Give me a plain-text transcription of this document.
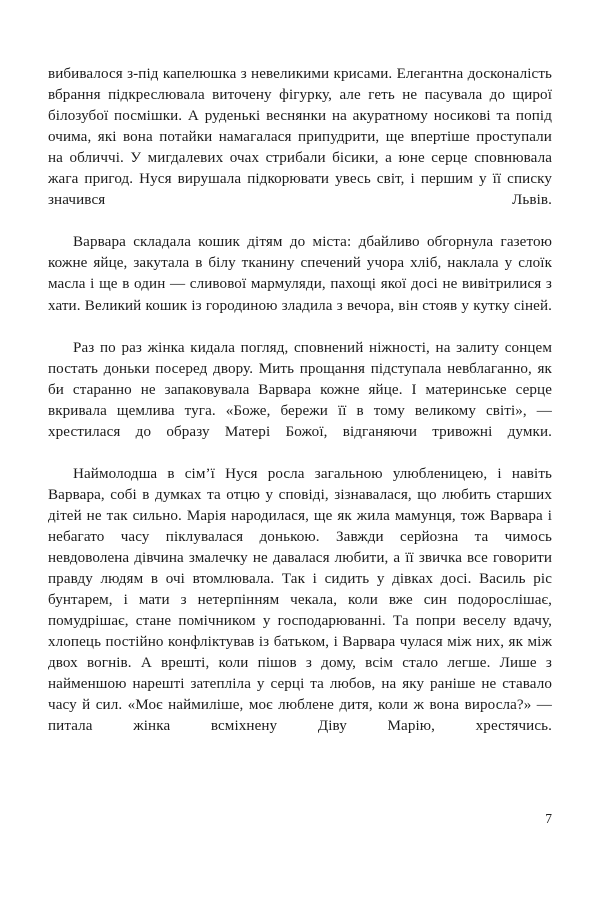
вибивалося з-під капелюшка з невеликими крисами. Елегантна досконалість вбрання підкреслювала виточену фігурку, але геть не пасувала до щирої білозубої посмішки. А руденькі веснянки на акуратному носикові та попід очима, які вона потайки намагалася припудрити, ще впертіше проступали на обличчі. У мигдалевих очах стрибали бісики, а юне серце сповнювала жага пригод. Нуся вирушала підкорювати увесь світ, і першим у її списку значився Львів.

Варвара складала кошик дітям до міста: дбайливо обгорнула газетою кожне яйце, закутала в білу тканину спечений учора хліб, наклала у слоїк масла і ще в один — сливової мармуляди, пахощі якої досі не вивітрилися з хати. Великий кошик із городиною зладила з вечора, він стояв у кутку сіней.

Раз по раз жінка кидала погляд, сповнений ніжності, на залиту сонцем постать доньки посеред двору. Мить прощання підступала невблаганно, як би старанно не запаковувала Варвара кожне яйце. І материнське серце вкривала щемлива туга. «Боже, бережи її в тому великому світі», — хрестилася до образу Матері Божої, відганяючи тривожні думки.

Наймолодша в сім’ї Нуся росла загальною улюбленицею, і навіть Варвара, собі в думках та отцю у сповіді, зізнавалася, що любить старших дітей не так сильно. Марія народилася, ще як жила мамунця, тож Варвара і небагато часу піклувалася донькою. Завжди серйозна та чимось невдоволена дівчина змалечку не давалася любити, а її звичка все говорити правду людям в очі втомлювала. Так і сидить у дівках досі. Василь ріс бунтарем, і мати з нетерпінням чекала, коли вже син подорослішає, помудрішає, стане помічником у господарюванні. Та попри веселу вдачу, хлопець постійно конфліктував із батьком, і Варвара чулася між них, як між двох вогнів. А врешті, коли пішов з дому, всім стало легше. Лише з найменшою нарешті затепліла у серці та любов, на яку раніше не ставало часу й сил. «Моє наймиліше, моє люблене дитя, коли ж вона виросла?» — питала жінка всміхнену Діву Марію, хрестячись.

7
